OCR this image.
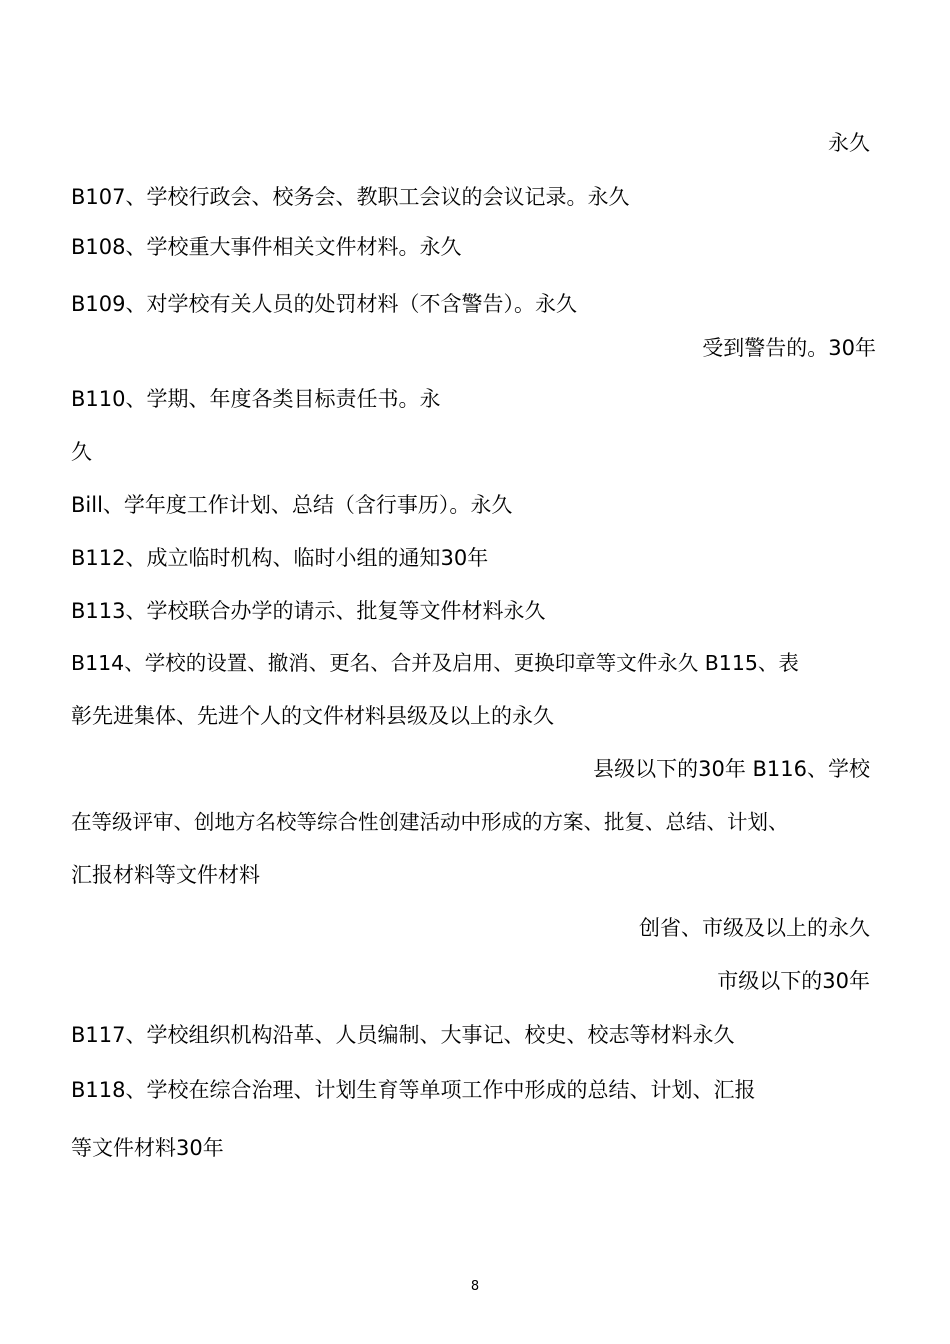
永久
B107、学校行政会、校务会、教职工会议的会议记录。永久
B108、学校重大事件相关文件材料。永久
B109、对学校有关人员的处罚材料（不含警告）。永久
受到警告的。30年
B110、学期、年度各类目标责任书。永
久
Bill、学年度工作计划、总结（含行事历）。永久
B112、成立临时机构、临时小组的通知30年
B113、学校联合办学的请示、批复等文件材料永久
B114、学校的设置、撤消、更名、合并及启用、更换印章等文件永久 B115、表
彰先进集体、先进个人的文件材料县级及以上的永久
县级以下的30年 B116、学校
在等级评审、创地方名校等综合性创建活动中形成的方案、批复、总结、计划、
汇报材料等文件材料
创省、市级及以上的永久
市级以下的30年
B117、学校组织机构沿革、人员编制、大事记、校史、校志等材料永久
B118、学校在综合治理、计划生育等单项工作中形成的总结、计划、汇报
等文件材料30年
8
